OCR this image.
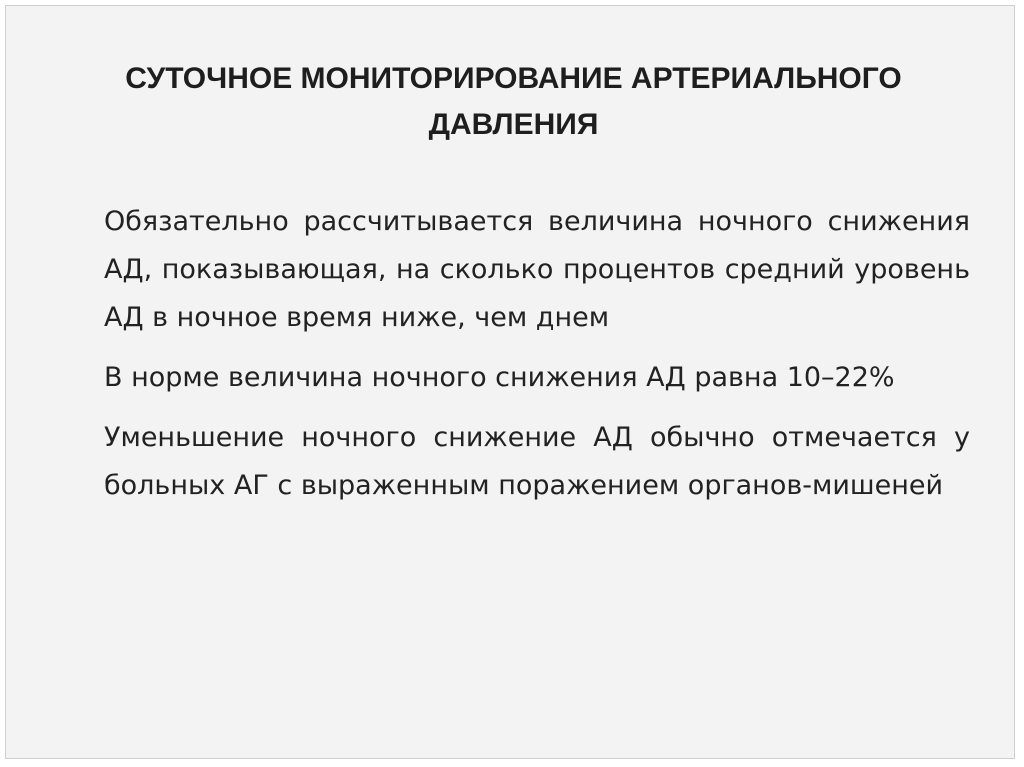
СУТОЧНОЕ МОНИТОРИРОВАНИЕ АРТЕРИАЛЬНОГО ДАВЛЕНИЯ
Обязательно рассчитывается величина ночного снижения АД, показывающая, на сколько процентов средний уровень АД в ночное время ниже, чем днем
В норме величина ночного снижения АД равна 10–22%
Уменьшение ночного снижение АД обычно отмечается у больных АГ с выраженным поражением органов-мишеней
